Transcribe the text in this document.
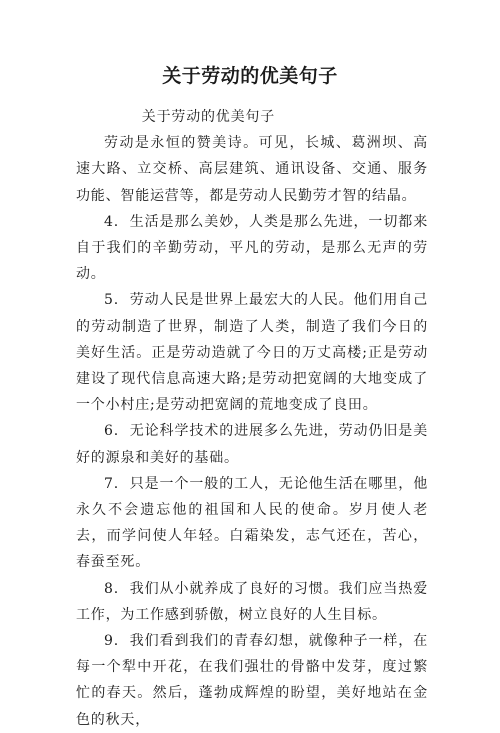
关于劳动的优美句子

关于劳动的优美句子

劳动是永恒的赞美诗。可见，长城、葛洲坝、高速大路、立交桥、高层建筑、通讯设备、交通、服务功能、智能运营等，都是劳动人民勤劳才智的结晶。

4.  生活是那么美妙，人类是那么先进，一切都来自于我们的辛勤劳动，平凡的劳动，是那么无声的劳动。

5.  劳动人民是世界上最宏大的人民。他们用自己的劳动制造了世界，制造了人类，制造了我们今日的美好生活。正是劳动造就了今日的万丈高楼;正是劳动建设了现代信息高速大路;是劳动把宽阔的大地变成了一个小村庄;是劳动把宽阔的荒地变成了良田。

6.  无论科学技术的进展多么先进，劳动仍旧是美好的源泉和美好的基础。

7.  只是一个一般的工人，无论他生活在哪里，他永久不会遗忘他的祖国和人民的使命。岁月使人老去，而学问使人年轻。白霜染发，志气还在，苦心，春蚕至死。

8.  我们从小就养成了良好的习惯。我们应当热爱工作，为工作感到骄傲，树立良好的人生目标。

9.  我们看到我们的青春幻想，就像种子一样，在每一个犁中开花，在我们强壮的骨骼中发芽，度过繁忙的春天。然后，蓬勃成辉煌的盼望，美好地站在金色的秋天，
